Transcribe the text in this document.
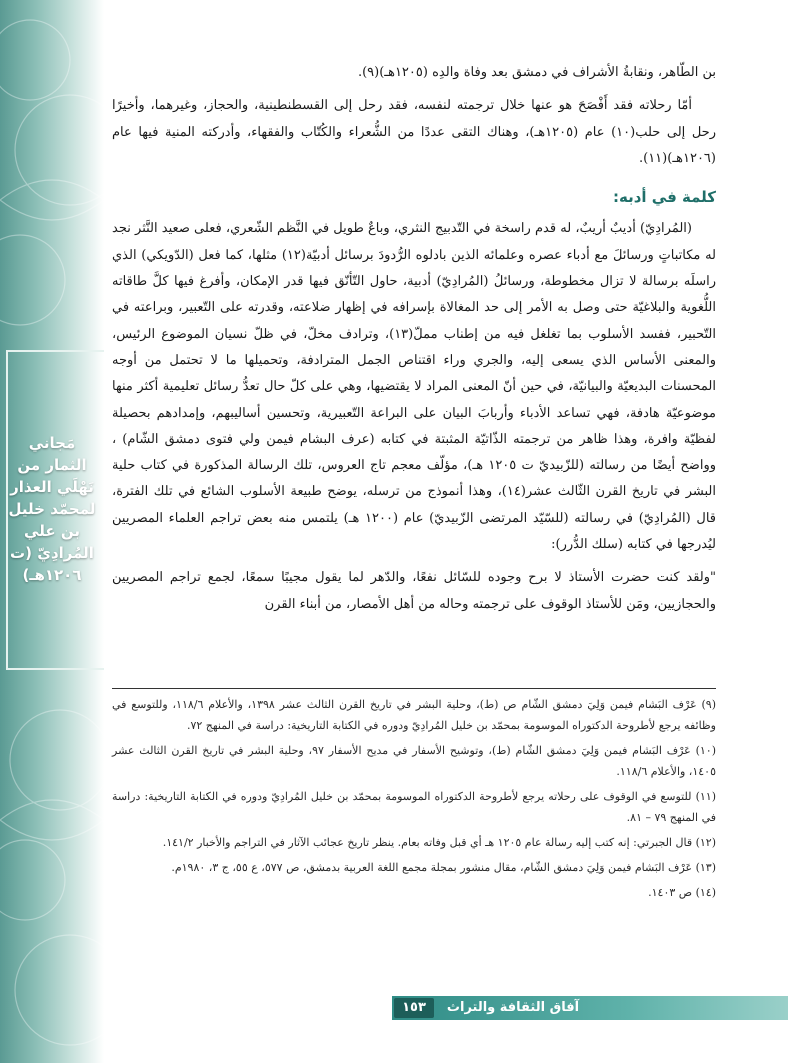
مَجاني الثمار من نَهْلَي العذار لمحمّد خليل بن علي المُرادِيّ (ت ١٢٠٦هـ)

بن الطّاهر، ونقابةُ الأشراف في دمشق بعد وفاة والدِه (١٢٠٥هـ)(٩).

أمّا رحلاته فقد أَفْصَحَ هو عنها خلال ترجمته لنفسه، فقد رحل إلى القسطنطينية، والحجاز، وغيرهما، وأخيرًا رحل إلى حلب(١٠) عام (١٢٠٥هـ)، وهناك التقى عددًا من الشُّعراء والكُتّاب والفقهاء، وأدركته المنية فيها عام (١٢٠٦هـ)(١١).

كلمة في أدبه:

(المُرادِيّ) أديبٌ أريبٌ، له قدم راسخة في التّدبيج النثري، وباعٌ طويل في النَّظم الشّعري، فعلى صعيد النَّثر نجد له مكاتباتٍ ورسائلَ مع أدباء عصره وعلمائه الذين بادلوه الرُّدودَ برسائل أدبيّة(١٢) مثلها، كما فعل (الدّويكي) الذي راسلَه برسالة لا تزال مخطوطة، ورسائلُ (المُرادِيّ) أدبية، حاول التّأنّق فيها قدر الإمكان، وأفرغ فيها كلَّ طاقاته اللُّغوية والبلاغيّة حتى وصل به الأمر إلى حد المغالاة بإسرافه في إظهار ضلاعته، وقدرته على التّعبير، وبراعته في التّحبير، ففسد الأسلوب بما تغلغل فيه من إطناب مملّ(١٣)، وترادف مخلّ، في ظلّ نسيان الموضوع الرئيس، والمعنى الأساس الذي يسعى إليه، والجري وراء اقتناص الجمل المترادفة، وتحميلها ما لا تحتمل من أوجه المحسنات البديعيّة والبيانيّة، في حين أنّ المعنى المراد لا يقتضيها، وهي على كلّ حال تعدُّ رسائل تعليمية أكثر منها موضوعيّة هادفة، فهي تساعد الأدباء وأربابَ البيان على البراعة التّعبيرية، وتحسين أساليبهم، وإمدادهم بحصيلة لفظيّة وافرة، وهذا ظاهر من ترجمته الذّاتيّة المثبتة في كتابه (عرف البشام فيمن ولي فتوى دمشق الشّام) ، وواضح أيضًا من رسالته (للزّبيديّ ت ١٢٠٥ هـ)، مؤلّف معجم تاج العروس، تلك الرسالة المذكورة في كتاب حلية البشر في تاريخ القرن الثّالث عشر(١٤)، وهذا أنموذج من ترسله، يوضح طبيعة الأسلوب الشائع في تلك الفترة، قال (المُرادِيّ) في رسالته (للسّيّد المرتضى الزّبيديّ) عام (١٢٠٠ هـ) يلتمس منه بعض تراجم العلماء المصريين ليُدرجها في كتابه (سلك الدُّرر):

"ولقد كنت حضرت الأستاذ لا برح وجوده للسّائل نفعًا، والدّهر لما يقول مجيبًا سمعًا، لجمع تراجم المصريين والحجازيين، ومَن للأستاذ الوقوف على ترجمته وحاله من أهل الأمصار، من أبناء القرن

(٩) عَرْف البَشام فيمن وَلِيَ دمشق الشّام ص (ط)، وحلية البشر في تاريخ القرن الثالث عشر ١٣٩٨، والأعلام ١١٨/٦، وللتوسع في وظائفه يرجع لأطروحة الدكتوراه الموسومة بمحمّد بن خليل المُرادِيّ ودوره في الكتابة التاريخية: دراسة في المنهج ٧٢.

(١٠) عَرْف البَشام فيمن وَلِيَ دمشق الشّام (ط)، وتوشيح الأسفار في مديح الأسفار ٩٧، وحلية البشر في تاريخ القرن الثالث عشر ١٤٠٥، والأعلام ١١٨/٦.

(١١) للتوسع في الوقوف على رحلاته يرجع لأطروحة الدكتوراه الموسومة بمحمّد بن خليل المُرادِيّ ودوره في الكتابة التاريخية: دراسة في المنهج ٧٩ – ٨١.

(١٢) قال الجبرتي: إنه كتب إليه رسالة عام ١٢٠٥ هـ أي قبل وفاته بعام. ينظر تاريخ عجائب الآثار في التراجم والأخبار ١٤١/٢.

(١٣) عَرْف البَشام فيمن وَلِيَ دمشق الشّام، مقال منشور بمجلة مجمع اللغة العربية بدمشق، ص ٥٧٧، ع ٥٥، ج ٣، ١٩٨٠م.

(١٤) ص ١٤٠٣.

آفاق الثقافة والتراث
١٥٣
